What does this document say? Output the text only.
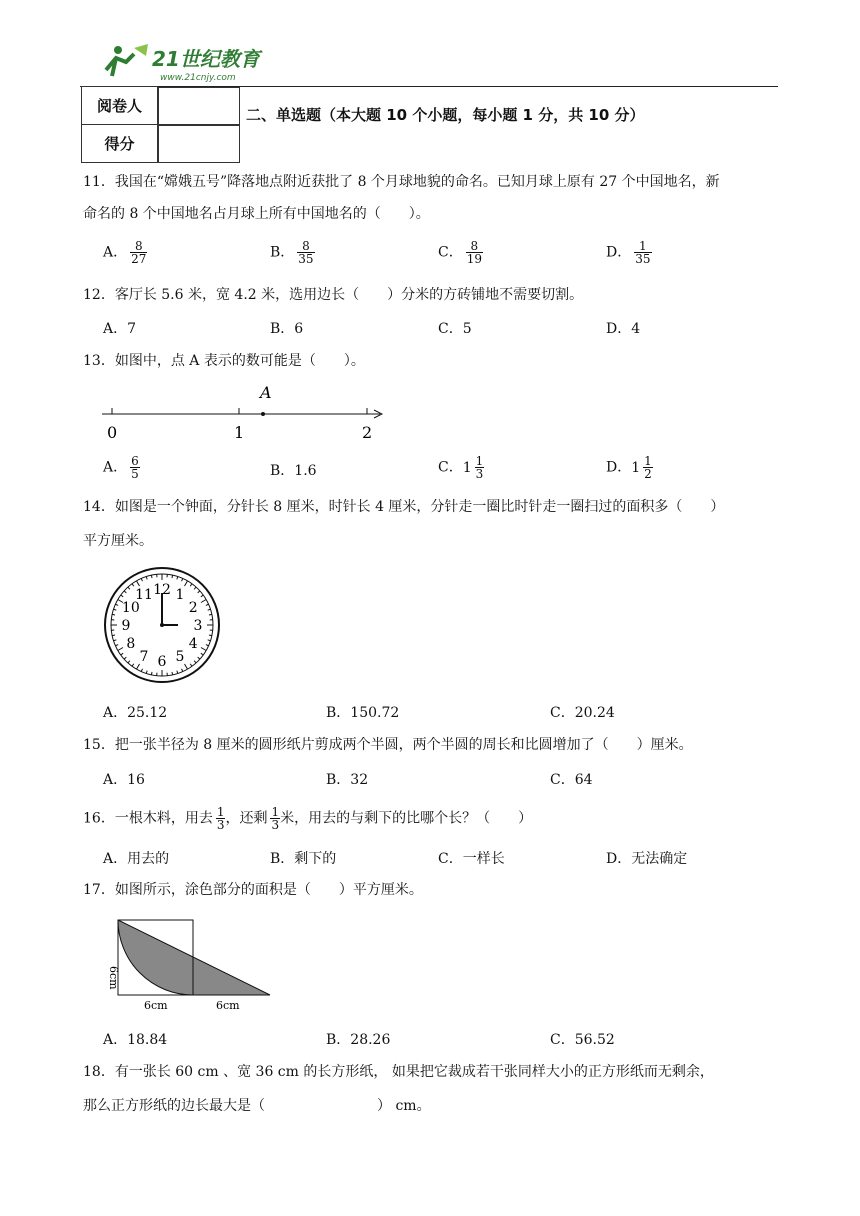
21世纪教育
www.21cnjy.com
阅卷人	
得分	
二、单选题（本大题 10 个小题，每小题 1 分，共 10 分）
11．我国在“嫦娥五号”降落地点附近获批了 8 个月球地貌的命名。已知月球上原有 27 个中国地名，新
命名的 8 个中国地名占月球上所有中国地名的（　　）。
A． $\frac{8}{27}$	B． $\frac{8}{35}$	C． $\frac{8}{19}$	D． $\frac{1}{35}$
12．客厅长 5.6 米，宽 4.2 米，选用边长（　　）分米的方砖铺地不需要切割。
A．7	B．6	C．5	D．4
13．如图中，点 A 表示的数可能是（　　）。
A
0	1	2
A． $\frac{6}{5}$	B．1.6	C．$1 \frac{1}{3}$	D．$1 \frac{1}{2}$
14．如图是一个钟面，分针长 8 厘米，时针长 4 厘米，分针走一圈比时针走一圈扫过的面积多（　　）
平方厘米。
12 1
2
3
4
5
6
7
8
9
10
11
A．25.12	B．150.72	C．20.24
15．把一张半径为 8 厘米的圆形纸片剪成两个半圆，两个半圆的周长和比圆增加了（　　）厘米。
A．16	B．32	C．64
16．一根木料，用去 $\frac{1}{3}$ ，还剩 $\frac{1}{3}$ 米，用去的与剩下的比哪个长？（　　）
A．用去的	B．剩下的	C．一样长	D．无法确定
17．如图所示，涂色部分的面积是（　　）平方厘米。
6cm
6cm	6cm
A．18.84	B．28.26	C．56.52
18．有一张长 60 cm 、宽 36 cm 的长方形纸， 如果把它裁成若干张同样大小的正方形纸而无剩余，
那么正方形纸的边长最大是（　　　　　　　　） cm。
